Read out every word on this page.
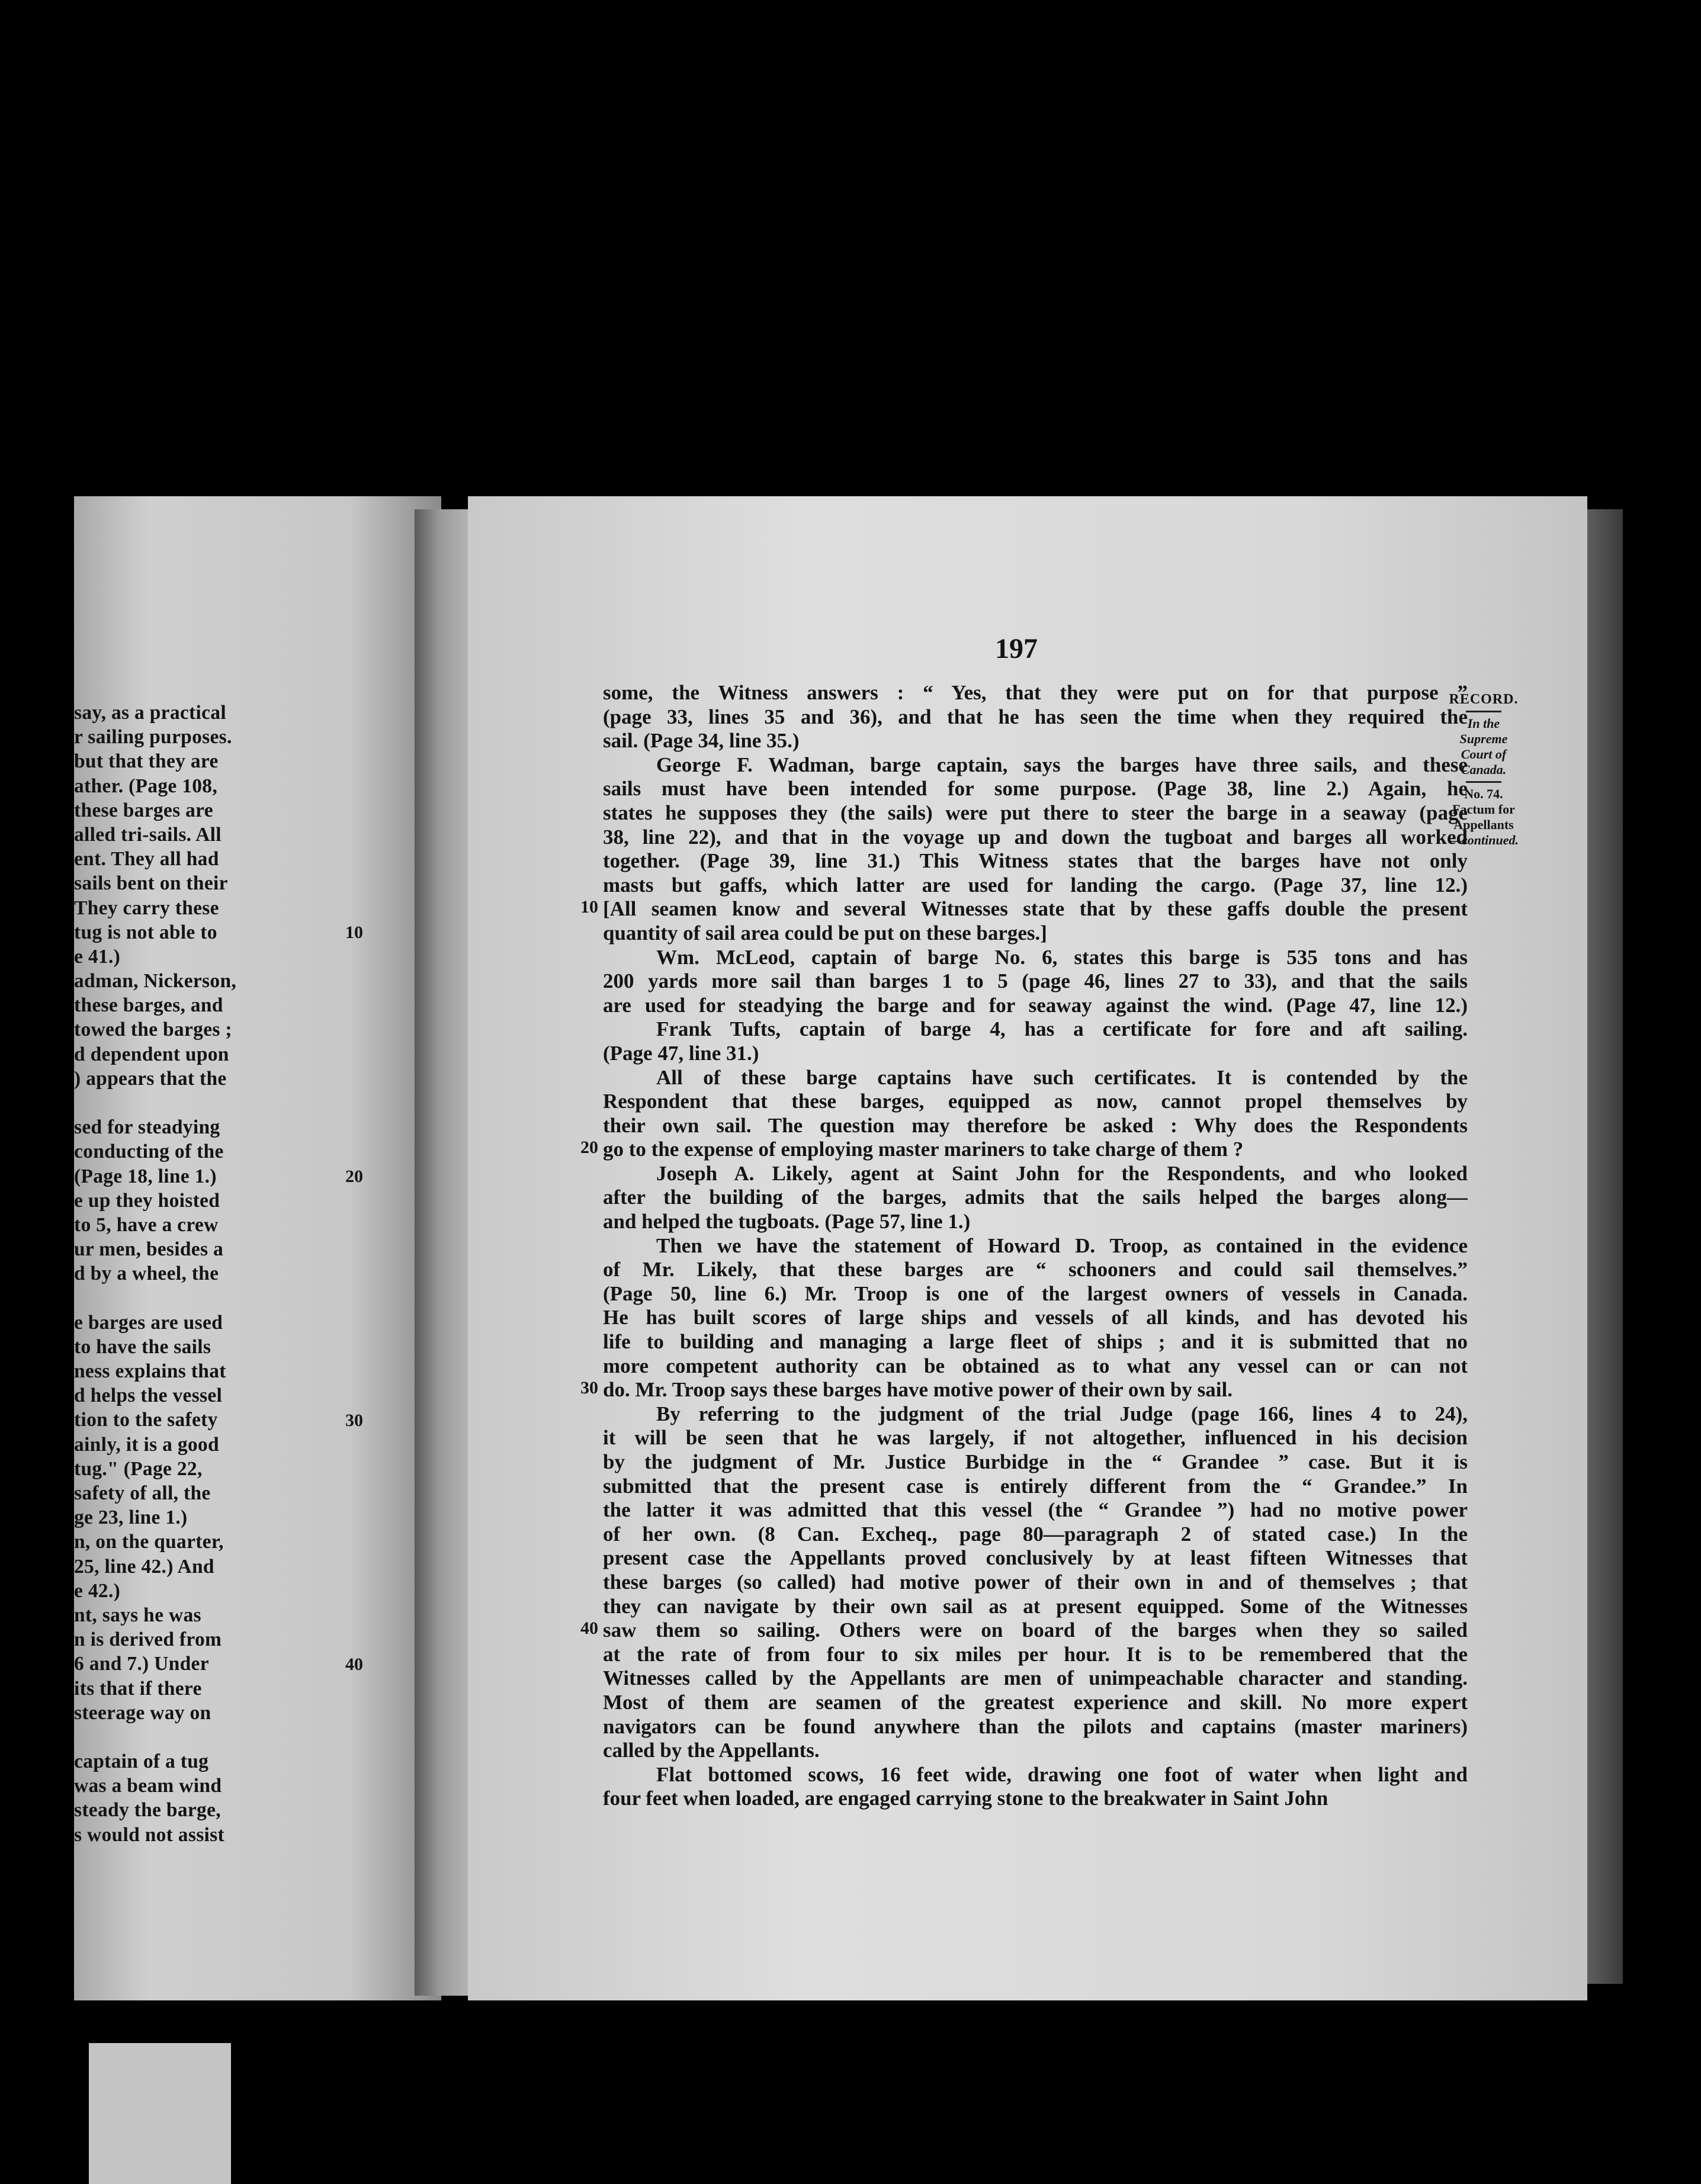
say, as a practical
r sailing purposes.
but that they are
ather. (Page 108,
these barges are
alled tri-sails. All
ent. They all had
sails bent on their
They carry these
tug is not able to
e 41.)
adman, Nickerson,
these barges, and
towed the barges ;
d dependent upon
) appears that the
sed for steadying
conducting of the
(Page 18, line 1.)
e up they hoisted
to 5, have a crew
ur men, besides a
d by a wheel, the
e barges are used
to have the sails
ness explains that
d helps the vessel
tion to the safety
ainly, it is a good
tug." (Page 22,
safety of all, the
ge 23, line 1.)
n, on the quarter,
25, line 42.) And
e 42.)
nt, says he was
n is derived from
6 and 7.) Under
its that if there
steerage way on
captain of a tug
was a beam wind
steady the barge,
s would not assist
10
20
30
40
197
RECORD.
In the
Supreme
Court of
Canada.
No. 74.
Factum for
Appellants
—continued.
some, the Witness answers : “ Yes, that they were put on for that purpose ”
(page 33, lines 35 and 36), and that he has seen the time when they required the
sail. (Page 34, line 35.)
George F. Wadman, barge captain, says the barges have three sails, and these
sails must have been intended for some purpose. (Page 38, line 2.) Again, he
states he supposes they (the sails) were put there to steer the barge in a seaway (page
38, line 22), and that in the voyage up and down the tugboat and barges all worked
together. (Page 39, line 31.) This Witness states that the barges have not only
masts but gaffs, which latter are used for landing the cargo. (Page 37, line 12.)
[All seamen know and several Witnesses state that by these gaffs double the present
quantity of sail area could be put on these barges.]
Wm. McLeod, captain of barge No. 6, states this barge is 535 tons and has
200 yards more sail than barges 1 to 5 (page 46, lines 27 to 33), and that the sails
are used for steadying the barge and for seaway against the wind. (Page 47, line 12.)
Frank Tufts, captain of barge 4, has a certificate for fore and aft sailing.
(Page 47, line 31.)
All of these barge captains have such certificates. It is contended by the
Respondent that these barges, equipped as now, cannot propel themselves by
their own sail. The question may therefore be asked : Why does the Respondents
go to the expense of employing master mariners to take charge of them ?
Joseph A. Likely, agent at Saint John for the Respondents, and who looked
after the building of the barges, admits that the sails helped the barges along—
and helped the tugboats. (Page 57, line 1.)
Then we have the statement of Howard D. Troop, as contained in the evidence
of Mr. Likely, that these barges are “ schooners and could sail themselves.”
(Page 50, line 6.) Mr. Troop is one of the largest owners of vessels in Canada.
He has built scores of large ships and vessels of all kinds, and has devoted his
life to building and managing a large fleet of ships ; and it is submitted that no
more competent authority can be obtained as to what any vessel can or can not
do. Mr. Troop says these barges have motive power of their own by sail.
By referring to the judgment of the trial Judge (page 166, lines 4 to 24),
it will be seen that he was largely, if not altogether, influenced in his decision
by the judgment of Mr. Justice Burbidge in the “ Grandee ” case. But it is
submitted that the present case is entirely different from the “ Grandee.” In
the latter it was admitted that this vessel (the “ Grandee ”) had no motive power
of her own. (8 Can. Excheq., page 80—paragraph 2 of stated case.) In the
present case the Appellants proved conclusively by at least fifteen Witnesses that
these barges (so called) had motive power of their own in and of themselves ; that
they can navigate by their own sail as at present equipped. Some of the Witnesses
saw them so sailing. Others were on board of the barges when they so sailed
at the rate of from four to six miles per hour. It is to be remembered that the
Witnesses called by the Appellants are men of unimpeachable character and standing.
Most of them are seamen of the greatest experience and skill. No more expert
navigators can be found anywhere than the pilots and captains (master mariners)
called by the Appellants.
Flat bottomed scows, 16 feet wide, drawing one foot of water when light and
four feet when loaded, are engaged carrying stone to the breakwater in Saint John
10
20
30
40
